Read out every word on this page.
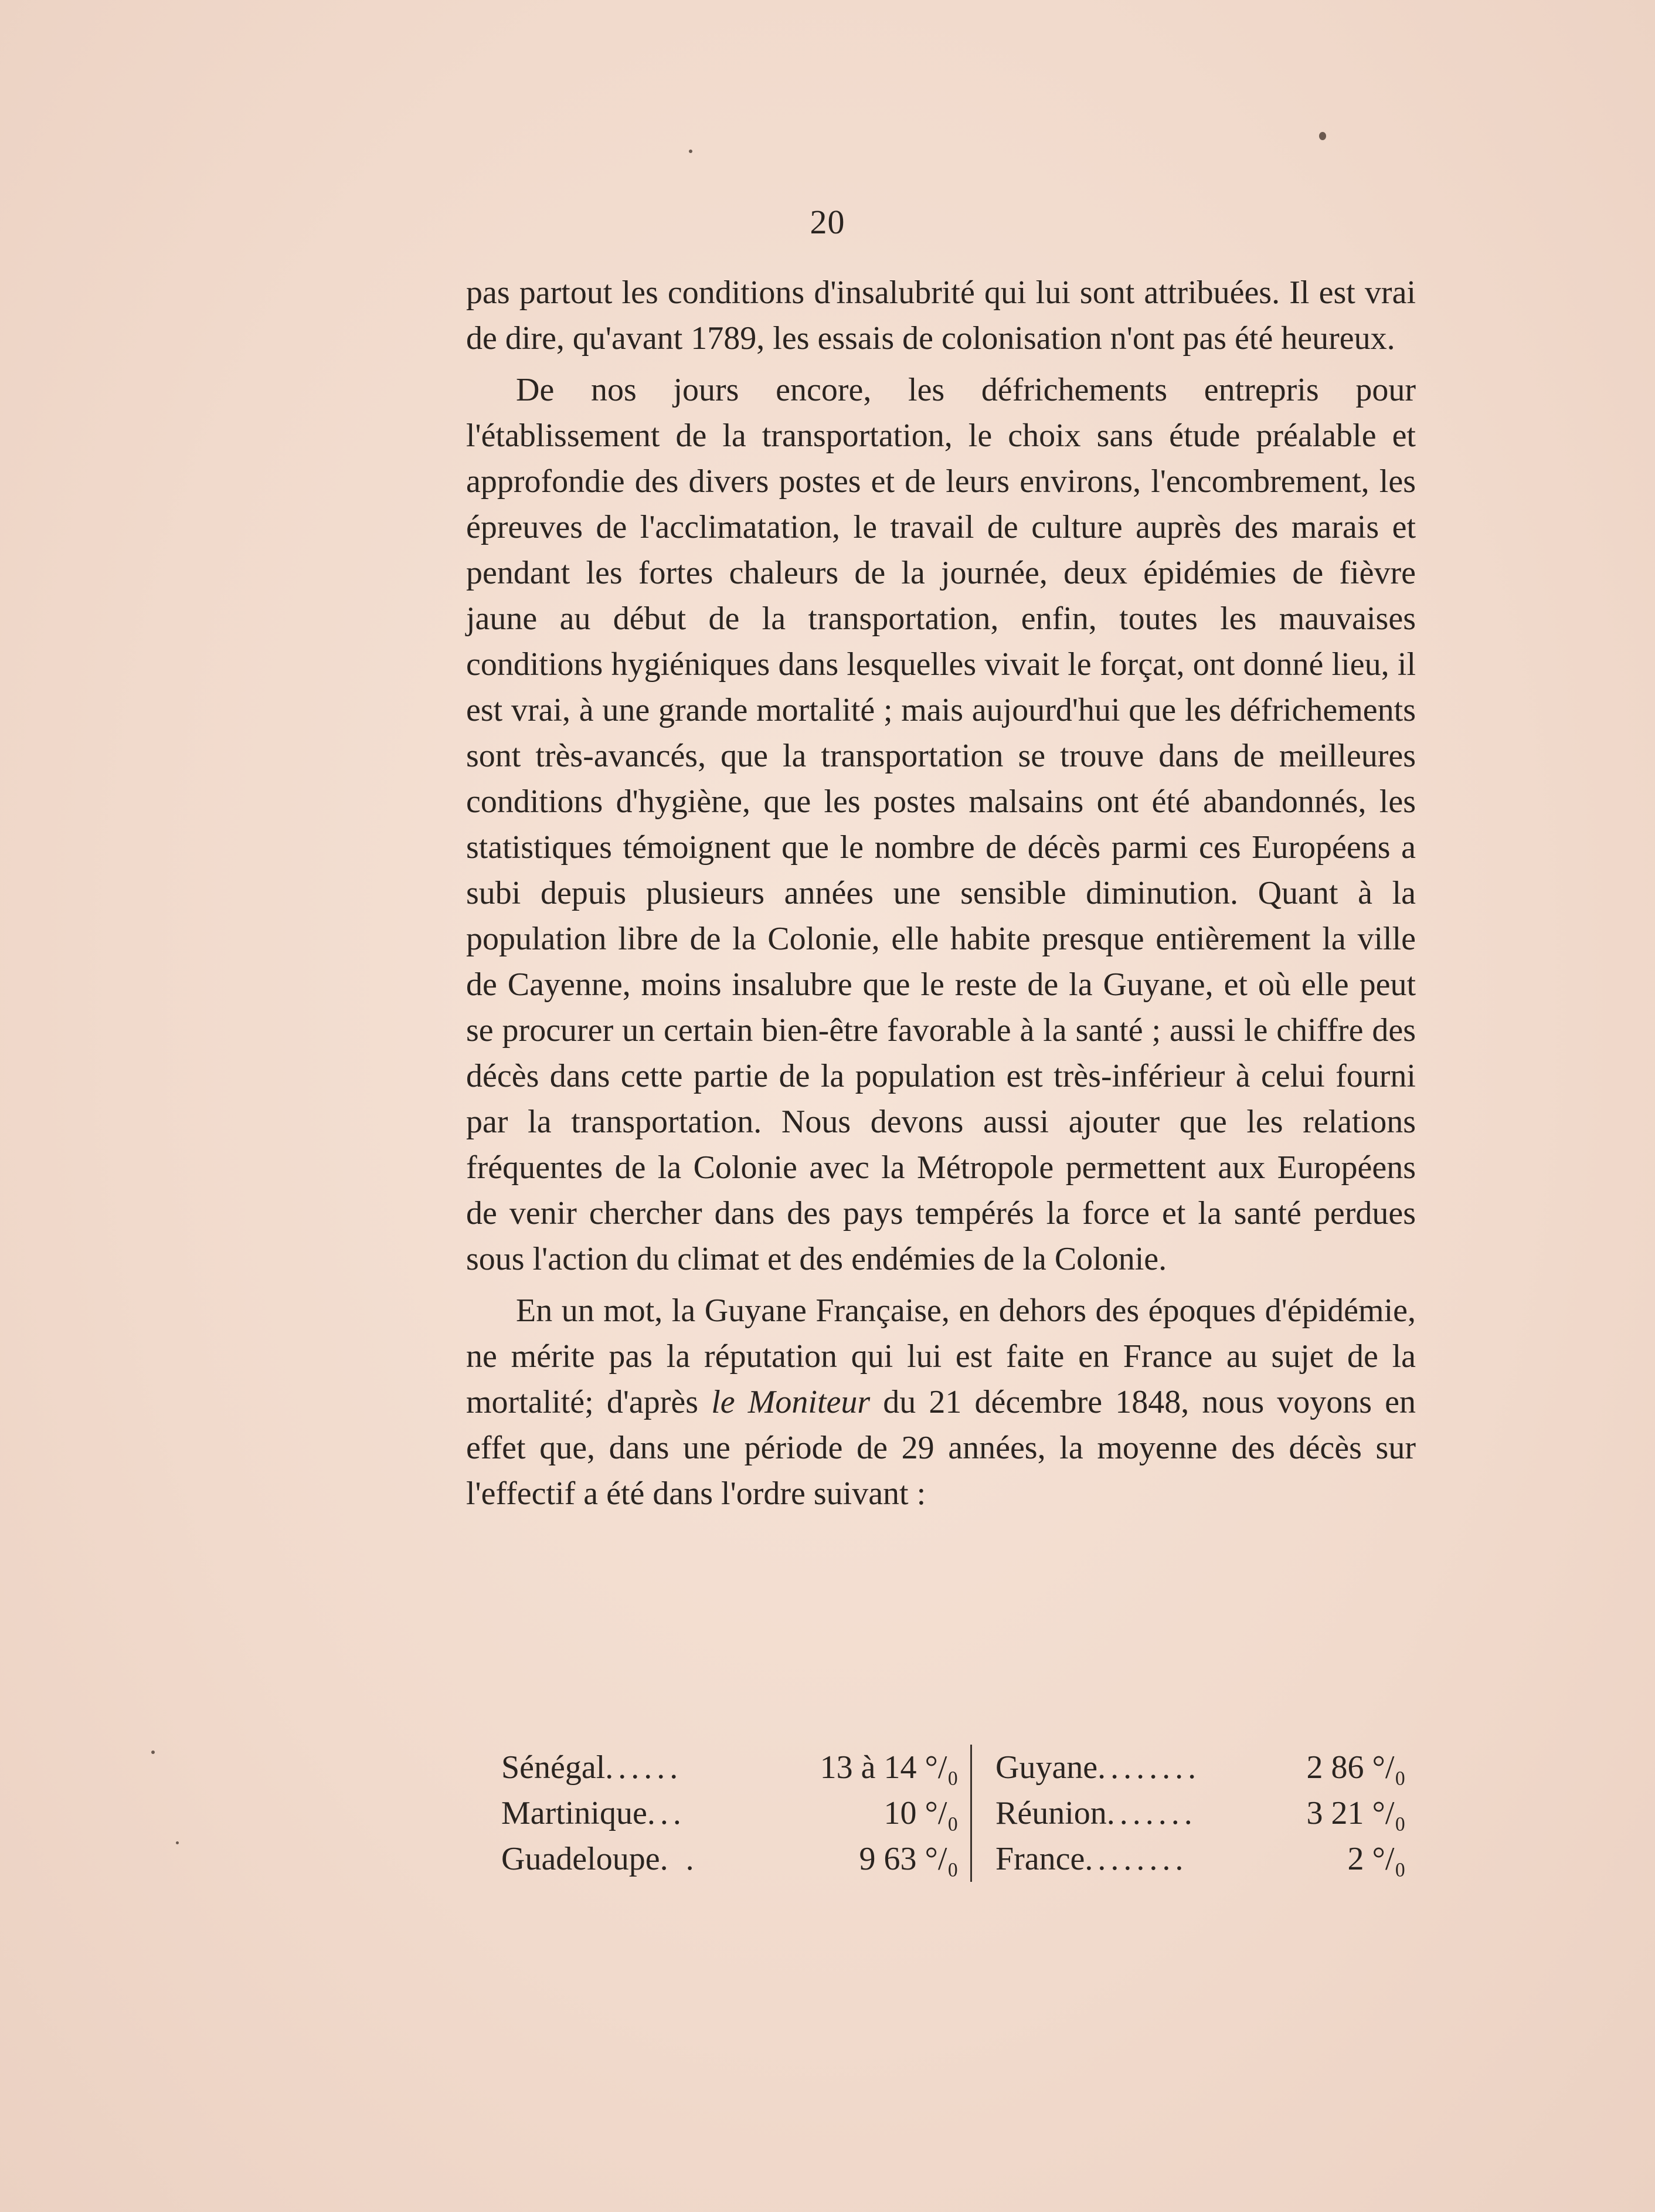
20

pas partout les conditions d'insalubrité qui lui sont attribuées. Il est vrai de dire, qu'avant 1789, les essais de colonisation n'ont pas été heureux.

De nos jours encore, les défrichements entrepris pour l'établissement de la transportation, le choix sans étude préalable et approfondie des divers postes et de leurs environs, l'encombrement, les épreuves de l'acclimatation, le travail de culture auprès des marais et pendant les fortes chaleurs de la journée, deux épidémies de fièvre jaune au début de la transportation, enfin, toutes les mauvaises conditions hygiéniques dans lesquelles vivait le forçat, ont donné lieu, il est vrai, à une grande mortalité ; mais aujourd'hui que les défrichements sont très-avancés, que la transportation se trouve dans de meilleures conditions d'hygiène, que les postes malsains ont été abandonnés, les statistiques témoignent que le nombre de décès parmi ces Européens a subi depuis plusieurs années une sensible diminution. Quant à la population libre de la Colonie, elle habite presque entièrement la ville de Cayenne, moins insalubre que le reste de la Guyane, et où elle peut se procurer un certain bien-être favorable à la santé ; aussi le chiffre des décès dans cette partie de la population est très-inférieur à celui fourni par la transportation. Nous devons aussi ajouter que les relations fréquentes de la Colonie avec la Métropole permettent aux Européens de venir chercher dans des pays tempérés la force et la santé perdues sous l'action du climat et des endémies de la Colonie.

En un mot, la Guyane Française, en dehors des époques d'épidémie, ne mérite pas la réputation qui lui est faite en France au sujet de la mortalité; d'après le Moniteur du 21 décembre 1848, nous voyons en effet que, dans une période de 29 années, la moyenne des décès sur l'effectif a été dans l'ordre suivant :

Sénégal ......	13 à 14 °/₀
Martinique ...	10 °/₀
Guadeloupe . .	9 63 °/₀
Guyane ........	2 86 °/₀
Réunion .......	3 21 °/₀
France ........	2 °/₀
